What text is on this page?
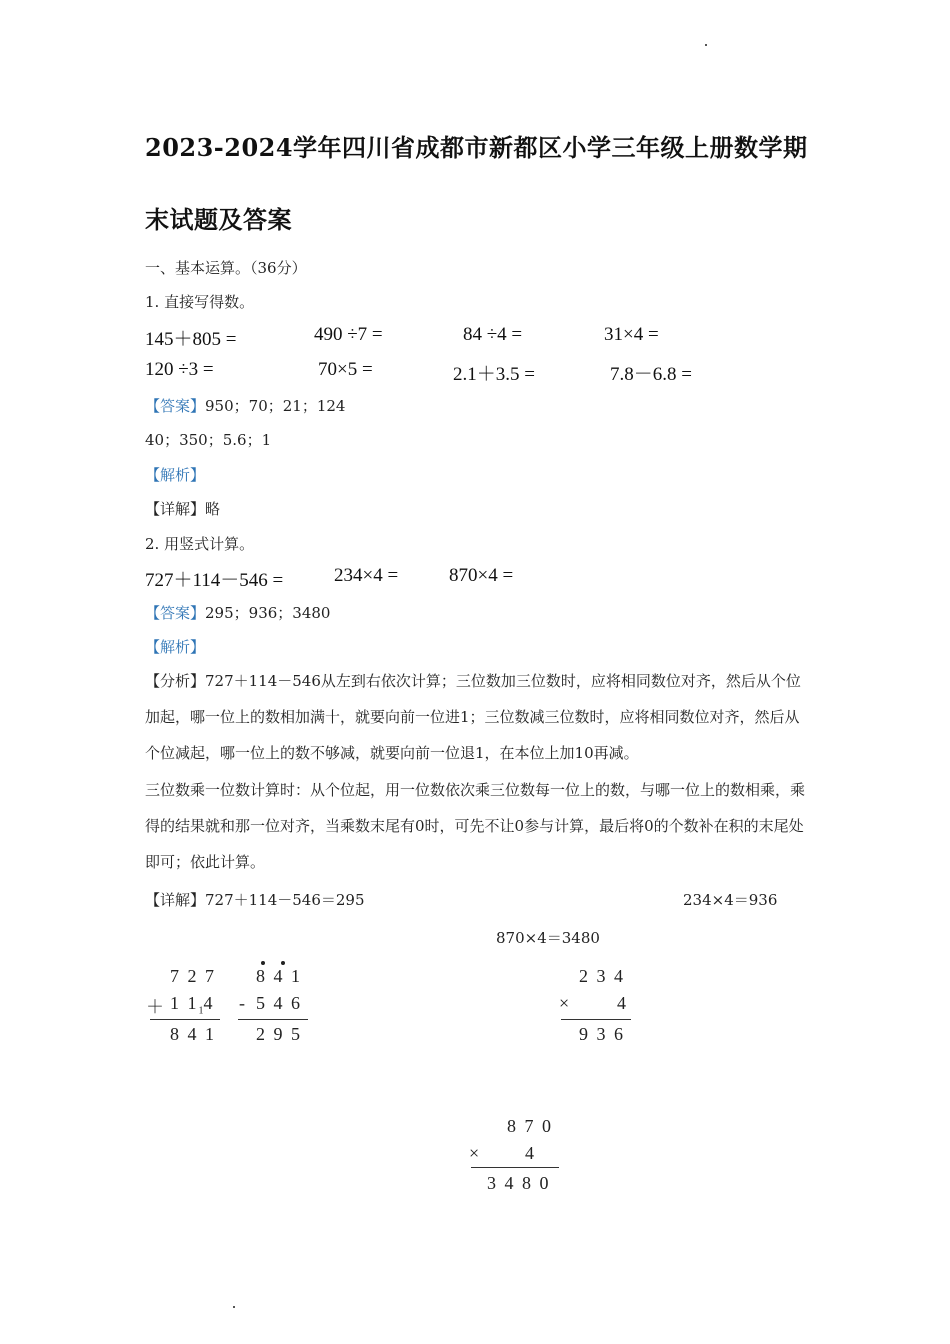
2023-2024学年四川省成都市新都区小学三年级上册数学期
末试题及答案
一、基本运算。（36分）
1. 直接写得数。
145＋805 =	490 ÷7 =	84 ÷4 =	31×4 =
120 ÷3 =	70×5 =	2.1＋3.5 =	7.8－6.8 =
【答案】950；70；21；124
40；350；5.6；1
【解析】
【详解】略
2. 用竖式计算。
727＋114－546 =	234×4 =	870×4 =
【答案】295；936；3480
【解析】
【分析】727＋114－546从左到右依次计算；三位数加三位数时，应将相同数位对齐，然后从个位加起，哪一位上的数相加满十，就要向前一位进1；三位数减三位数时，应将相同数位对齐，然后从个位减起，哪一位上的数不够减，就要向前一位退1，在本位上加10再减。
三位数乘一位数计算时：从个位起，用一位数依次乘三位数每一位上的数，与哪一位上的数相乘，乘得的结果就和那一位对齐，当乘数末尾有0时，可先不让0参与计算，最后将0的个数补在积的末尾处即可；依此计算。
【详解】727＋114－546＝295	234×4＝936
870×4＝3480
7 2 7
＋ 1 $1_14$
8 4 1
8 4 1
- 5 4 6
2 9 5
2 3 4
×	4
9 3 6
8 7 0
×	4
3 4 8 0
